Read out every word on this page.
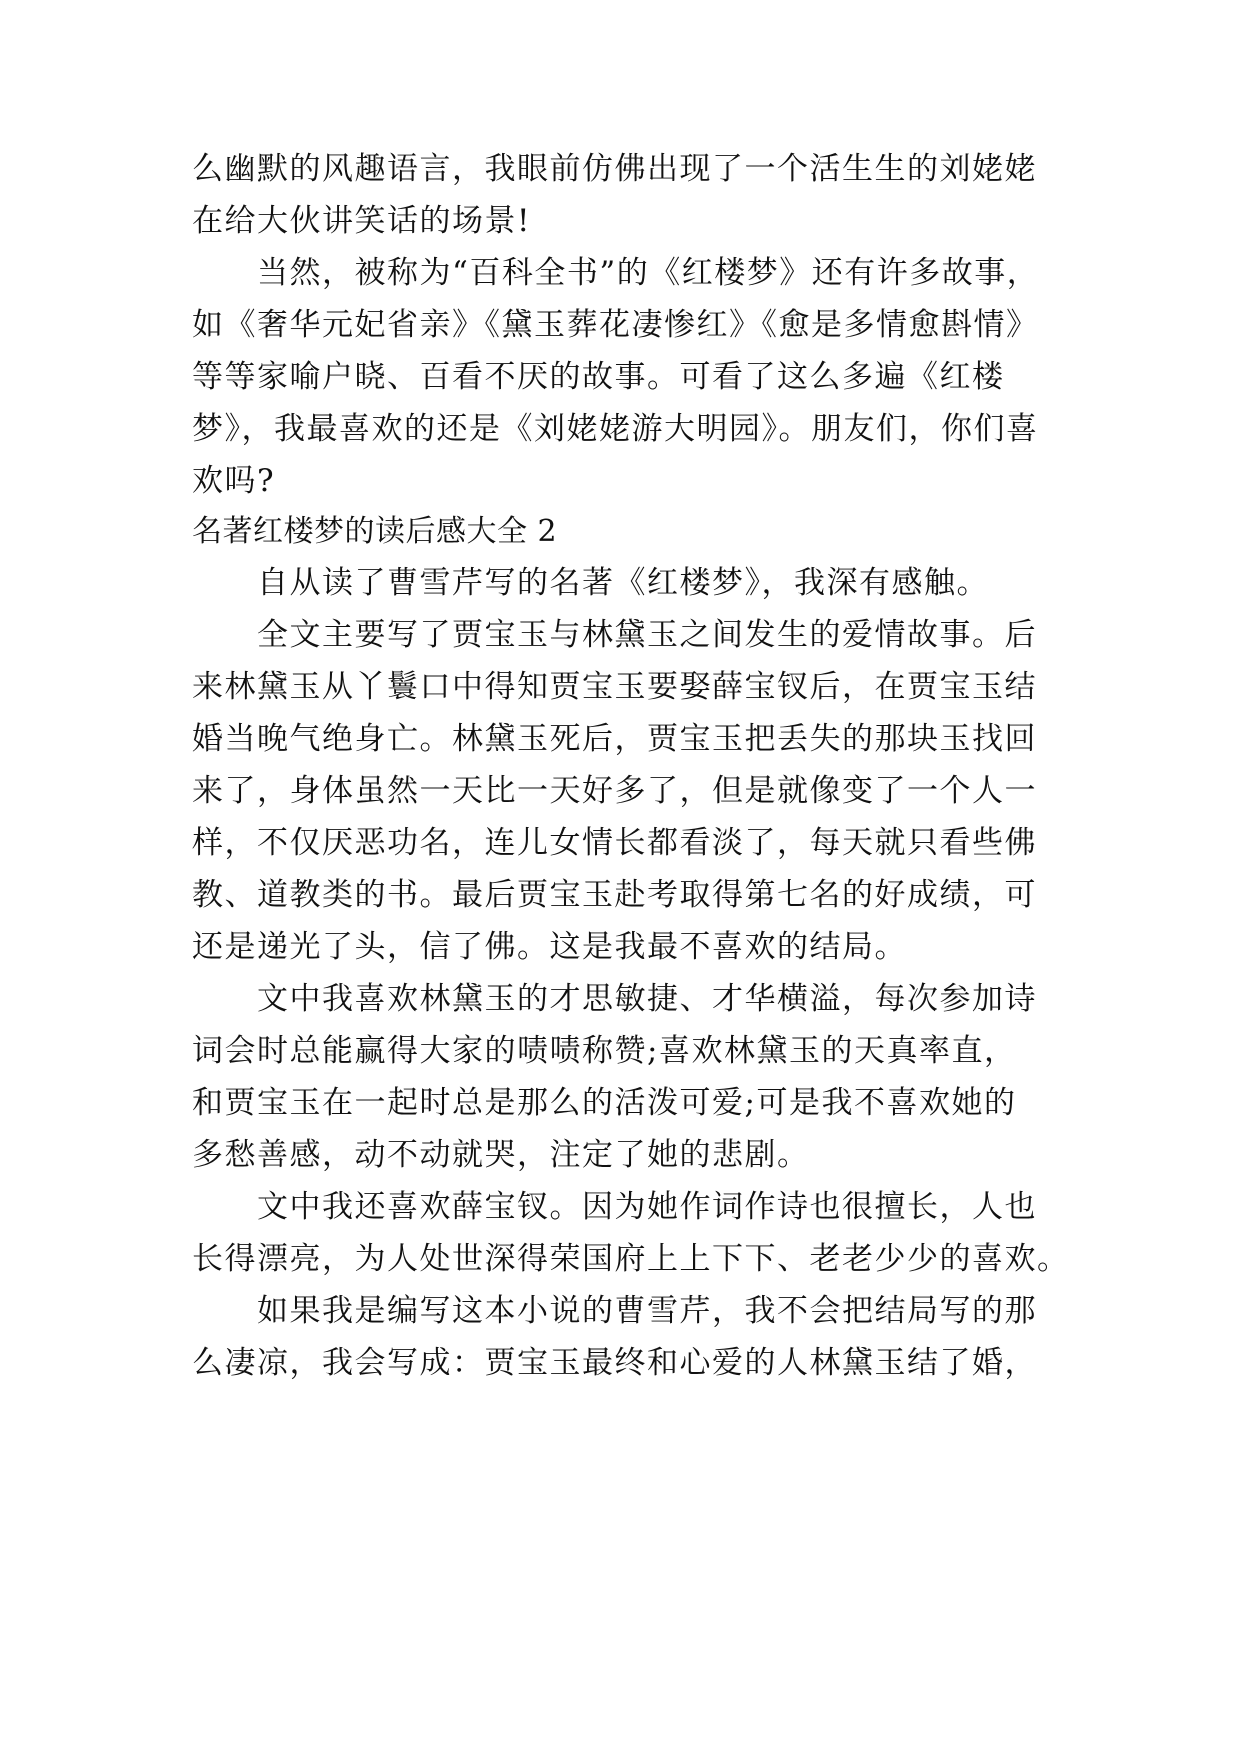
么幽默的风趣语言，我眼前仿佛出现了一个活生生的刘姥姥
在给大伙讲笑话的场景!
　　当然，被称为“百科全书”的《红楼梦》还有许多故事，
如《奢华元妃省亲》《黛玉葬花凄惨红》《愈是多情愈斟情》
等等家喻户晓、百看不厌的故事。可看了这么多遍《红楼
梦》，我最喜欢的还是《刘姥姥游大明园》。朋友们，你们喜
欢吗?
名著红楼梦的读后感大全 2
　　自从读了曹雪芹写的名著《红楼梦》，我深有感触。
　　全文主要写了贾宝玉与林黛玉之间发生的爱情故事。后
来林黛玉从丫鬟口中得知贾宝玉要娶薛宝钗后，在贾宝玉结
婚当晚气绝身亡。林黛玉死后，贾宝玉把丢失的那块玉找回
来了，身体虽然一天比一天好多了，但是就像变了一个人一
样，不仅厌恶功名，连儿女情长都看淡了，每天就只看些佛
教、道教类的书。最后贾宝玉赴考取得第七名的好成绩，可
还是递光了头，信了佛。这是我最不喜欢的结局。
　　文中我喜欢林黛玉的才思敏捷、才华横溢，每次参加诗
词会时总能赢得大家的啧啧称赞;喜欢林黛玉的天真率直，
和贾宝玉在一起时总是那么的活泼可爱;可是我不喜欢她的
多愁善感，动不动就哭，注定了她的悲剧。
　　文中我还喜欢薛宝钗。因为她作词作诗也很擅长，人也
长得漂亮，为人处世深得荣国府上上下下、老老少少的喜欢。
　　如果我是编写这本小说的曹雪芹，我不会把结局写的那
么凄凉，我会写成：贾宝玉最终和心爱的人林黛玉结了婚，
